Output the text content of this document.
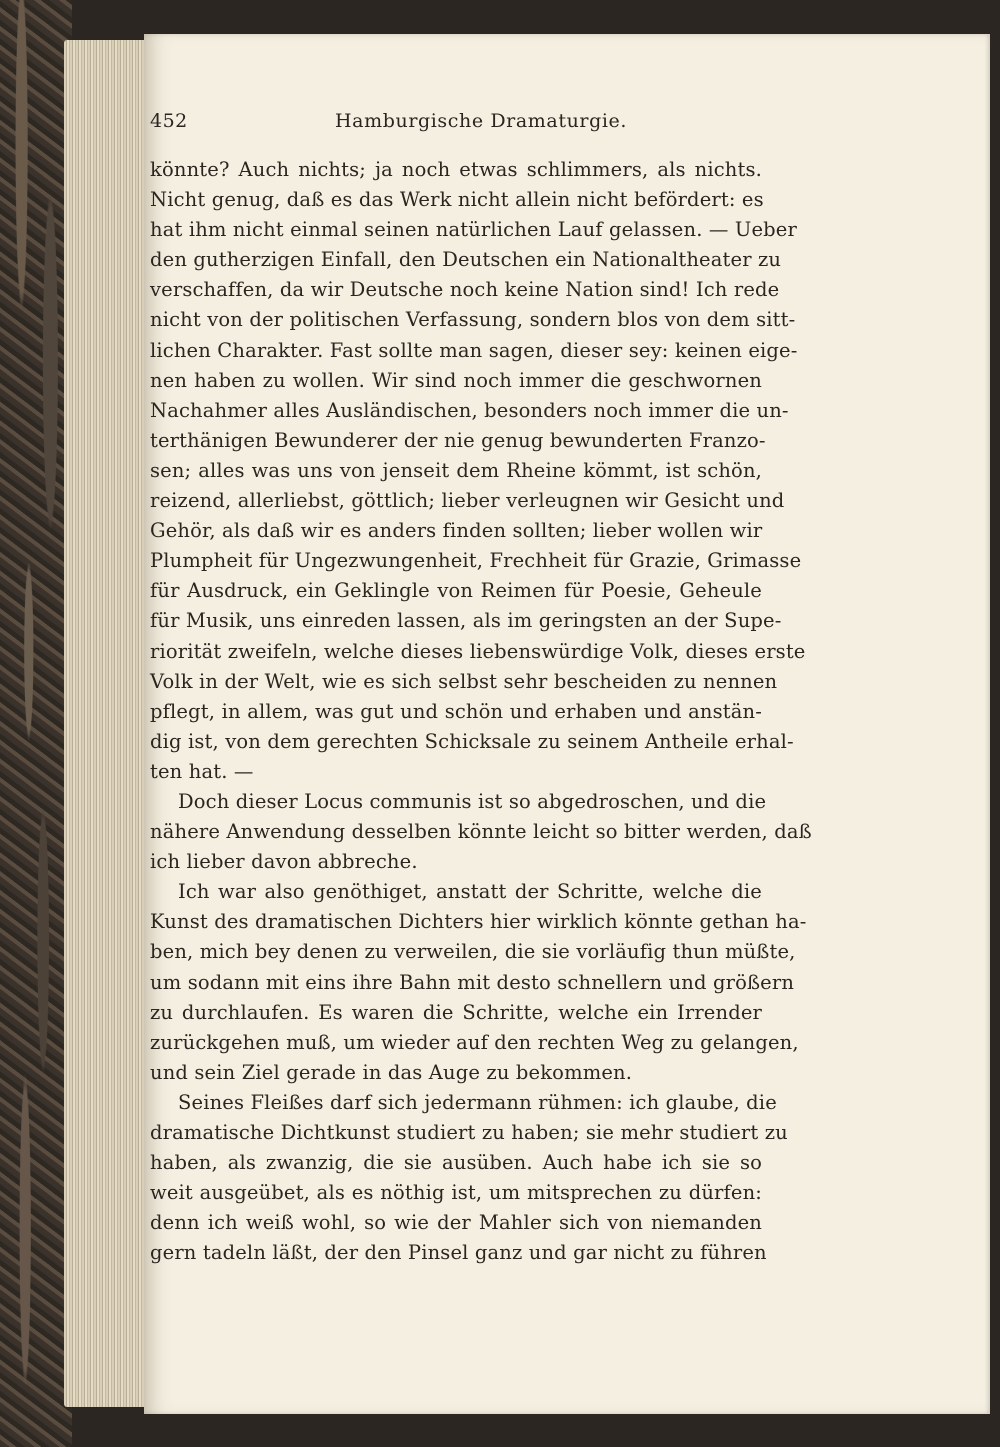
452	Hamburgische Dramaturgie.
könnte? Auch nichts; ja noch etwas schlimmers, als nichts.
Nicht genug, daß es das Werk nicht allein nicht befördert: es
hat ihm nicht einmal seinen natürlichen Lauf gelassen. — Ueber
den gutherzigen Einfall, den Deutschen ein Nationaltheater zu
verschaffen, da wir Deutsche noch keine Nation sind! Ich rede
nicht von der politischen Verfassung, sondern blos von dem sitt-
lichen Charakter. Fast sollte man sagen, dieser sey: keinen eige-
nen haben zu wollen. Wir sind noch immer die geschwornen
Nachahmer alles Ausländischen, besonders noch immer die un-
terthänigen Bewunderer der nie genug bewunderten Franzo-
sen; alles was uns von jenseit dem Rheine kömmt, ist schön,
reizend, allerliebst, göttlich; lieber verleugnen wir Gesicht und
Gehör, als daß wir es anders finden sollten; lieber wollen wir
Plumpheit für Ungezwungenheit, Frechheit für Grazie, Grimasse
für Ausdruck, ein Geklingle von Reimen für Poesie, Geheule
für Musik, uns einreden lassen, als im geringsten an der Supe-
riorität zweifeln, welche dieses liebenswürdige Volk, dieses erste
Volk in der Welt, wie es sich selbst sehr bescheiden zu nennen
pflegt, in allem, was gut und schön und erhaben und anstän-
dig ist, von dem gerechten Schicksale zu seinem Antheile erhal-
ten hat. —
Doch dieser Locus communis ist so abgedroschen, und die
nähere Anwendung desselben könnte leicht so bitter werden, daß
ich lieber davon abbreche.
Ich war also genöthiget, anstatt der Schritte, welche die
Kunst des dramatischen Dichters hier wirklich könnte gethan ha-
ben, mich bey denen zu verweilen, die sie vorläufig thun müßte,
um sodann mit eins ihre Bahn mit desto schnellern und größern
zu durchlaufen. Es waren die Schritte, welche ein Irrender
zurückgehen muß, um wieder auf den rechten Weg zu gelangen,
und sein Ziel gerade in das Auge zu bekommen.
Seines Fleißes darf sich jedermann rühmen: ich glaube, die
dramatische Dichtkunst studiert zu haben; sie mehr studiert zu
haben, als zwanzig, die sie ausüben. Auch habe ich sie so
weit ausgeübet, als es nöthig ist, um mitsprechen zu dürfen:
denn ich weiß wohl, so wie der Mahler sich von niemanden
gern tadeln läßt, der den Pinsel ganz und gar nicht zu führen
